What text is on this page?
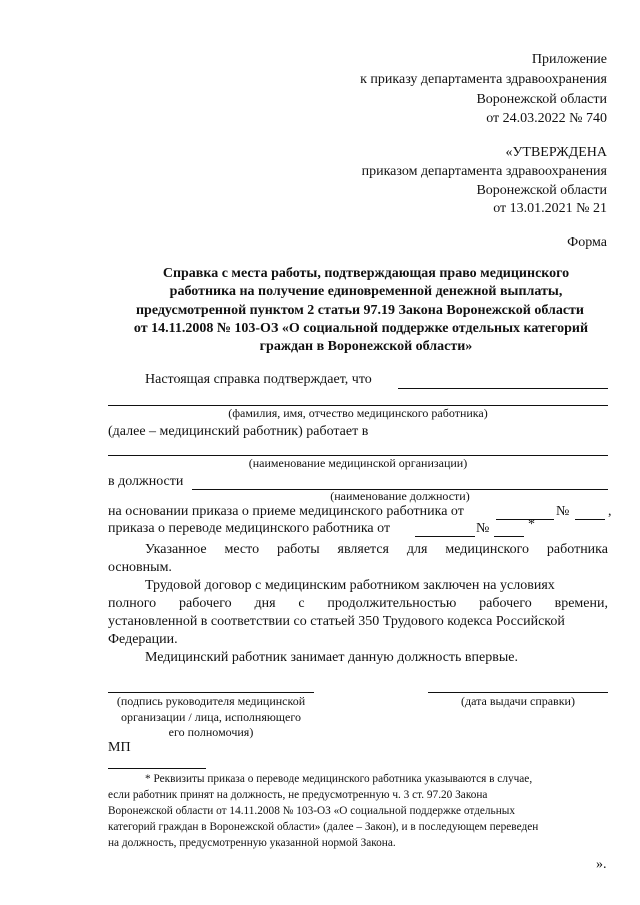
Приложение
к приказу департамента здравоохранения
Воронежской области
от 24.03.2022 № 740
«УТВЕРЖДЕНА
приказом департамента здравоохранения
Воронежской области
от 13.01.2021 № 21
Форма
Справка с места работы, подтверждающая право медицинского
работника на получение единовременной денежной выплаты,
предусмотренной пунктом 2 статьи 97.19 Закона Воронежской области
от 14.11.2008 № 103-ОЗ «О социальной поддержке отдельных категорий
граждан в Воронежской области»
Настоящая справка подтверждает, что
(фамилия, имя, отчество медицинского работника)
(далее – медицинский работник) работает в
(наименование медицинской организации)
в должности
(наименование должности)
на основании приказа о приеме медицинского работника от	№	,
приказа о переводе медицинского работника от	№	*
Указанное место работы является для медицинского работника
основным.
Трудовой договор с медицинским работником заключен на условиях
полного рабочего дня с продолжительностью рабочего времени,
установленной в соответствии со статьей 350 Трудового кодекса Российской
Федерации.
Медицинский работник занимает данную должность впервые.
(подпись руководителя медицинской
организации / лица, исполняющего
его полномочия)
(дата выдачи справки)
МП
* Реквизиты приказа о переводе медицинского работника указываются в случае,
если работник принят на должность, не предусмотренную ч. 3 ст. 97.20 Закона
Воронежской области от 14.11.2008 № 103-ОЗ «О социальной поддержке отдельных
категорий граждан в Воронежской области» (далее – Закон), и в последующем переведен
на должность, предусмотренную указанной нормой Закона.
».
